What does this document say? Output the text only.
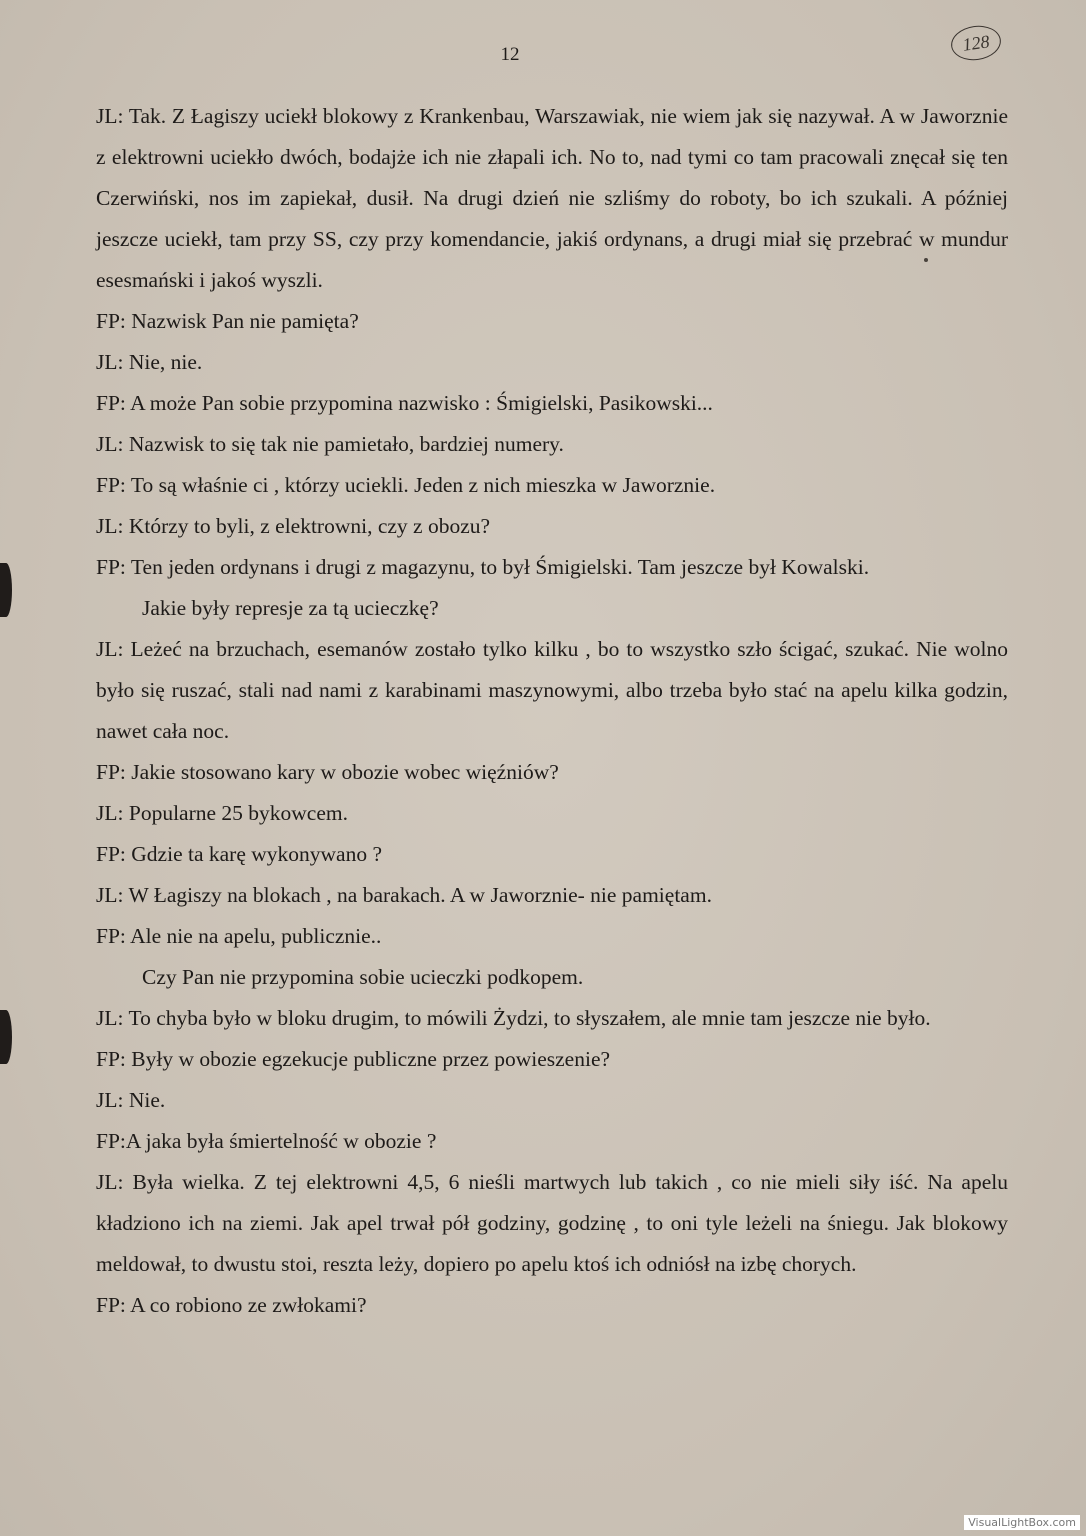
12
128

JL: Tak. Z Łagiszy uciekł blokowy z Krankenbau, Warszawiak, nie wiem jak się nazywał. A w Jaworznie z elektrowni uciekło dwóch, bodajże ich nie złapali ich. No to, nad tymi co tam pracowali znęcał się ten Czerwiński, nos im zapiekał, dusił. Na drugi dzień nie szliśmy do roboty, bo ich szukali. A później jeszcze uciekł, tam przy SS, czy przy komendancie, jakiś ordynans, a drugi miał się przebrać w mundur esesmański i jakoś wyszli.

FP: Nazwisk Pan nie pamięta?

JL: Nie, nie.

FP: A może Pan sobie przypomina nazwisko : Śmigielski, Pasikowski...

JL: Nazwisk to się tak nie pamietało, bardziej numery.

FP: To są właśnie ci , którzy uciekli. Jeden z nich mieszka w Jaworznie.

JL: Którzy to byli, z elektrowni, czy z obozu?

FP: Ten jeden ordynans i drugi z magazynu, to był Śmigielski. Tam jeszcze był Kowalski.

Jakie były represje za tą ucieczkę?

JL: Leżeć na brzuchach, esemanów zostało tylko kilku , bo to wszystko szło ścigać, szukać. Nie wolno było się ruszać, stali nad nami z karabinami maszynowymi, albo trzeba było stać na apelu kilka godzin, nawet cała noc.

FP: Jakie stosowano kary w obozie wobec więźniów?

JL: Popularne 25 bykowcem.

FP: Gdzie ta karę wykonywano ?

JL: W Łagiszy na blokach , na barakach. A w Jaworznie- nie pamiętam.

FP: Ale nie na apelu, publicznie..

Czy Pan nie przypomina sobie ucieczki podkopem.

JL: To chyba było w bloku drugim, to mówili Żydzi, to słyszałem, ale mnie tam jeszcze nie było.

FP: Były w obozie egzekucje publiczne przez powieszenie?

JL: Nie.

FP:A jaka była śmiertelność w obozie ?

JL: Była wielka. Z tej elektrowni 4,5, 6 nieśli martwych lub takich , co nie mieli siły iść. Na apelu kładziono ich na ziemi. Jak apel trwał pół godziny, godzinę , to oni tyle leżeli na śniegu. Jak blokowy meldował, to dwustu stoi, reszta leży, dopiero po apelu ktoś ich odniósł na izbę chorych.

FP: A co robiono ze zwłokami?

VisualLightBox.com
